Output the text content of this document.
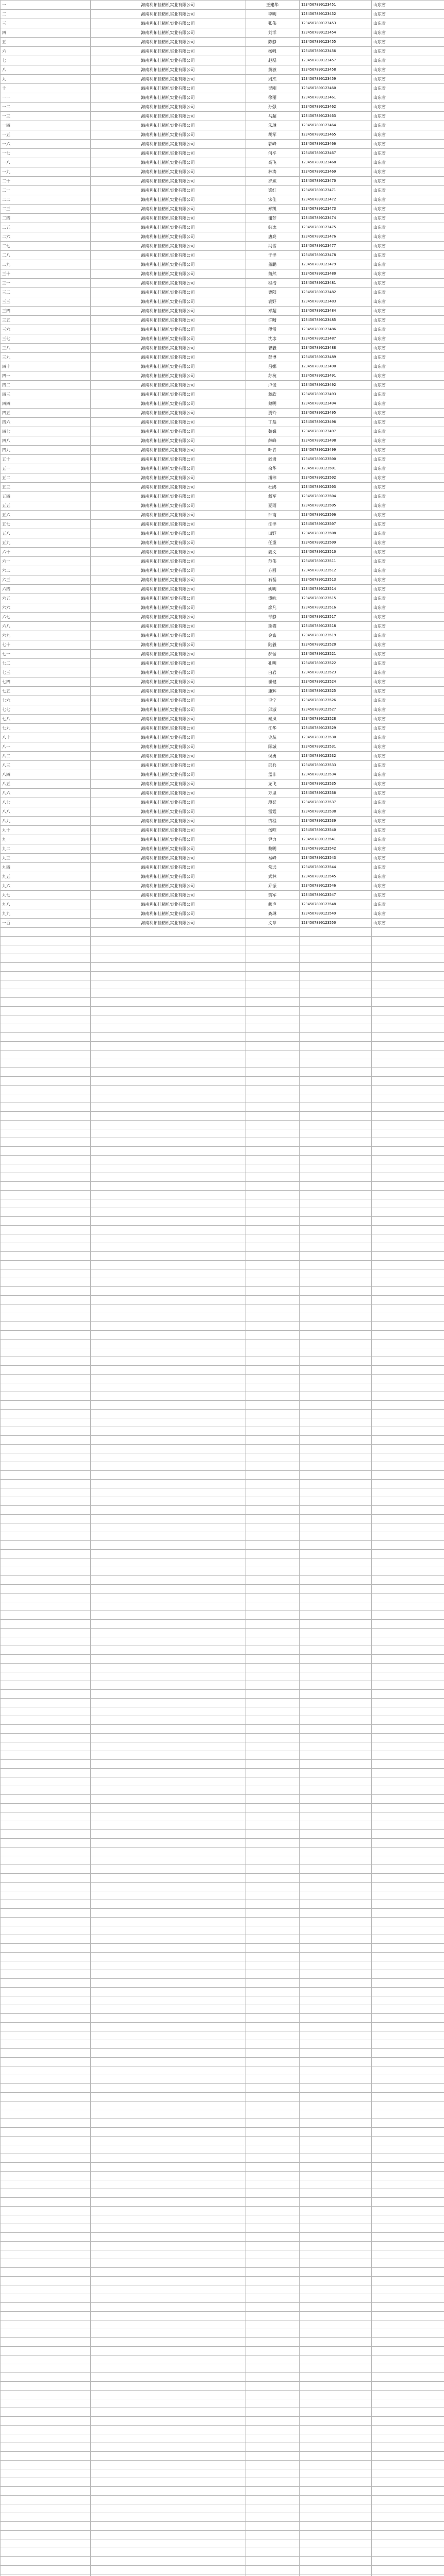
一	海南利拓佳精机实业有限公司	王建华	1234567890123451	山东省
二	海南利拓佳精机实业有限公司	李明	1234567890123452	山东省
三	海南利拓佳精机实业有限公司	张伟	1234567890123453	山东省
四	海南利拓佳精机实业有限公司	刘洋	1234567890123454	山东省
五	海南利拓佳精机实业有限公司	陈静	1234567890123455	山东省
六	海南利拓佳精机实业有限公司	杨帆	1234567890123456	山东省
七	海南利拓佳精机实业有限公司	赵磊	1234567890123457	山东省
八	海南利拓佳精机实业有限公司	黄敏	1234567890123458	山东省
九	海南利拓佳精机实业有限公司	周杰	1234567890123459	山东省
十	海南利拓佳精机实业有限公司	吴刚	1234567890123460	山东省
一一	海南利拓佳精机实业有限公司	徐丽	1234567890123461	山东省
一二	海南利拓佳精机实业有限公司	孙强	1234567890123462	山东省
一三	海南利拓佳精机实业有限公司	马超	1234567890123463	山东省
一四	海南利拓佳精机实业有限公司	朱琳	1234567890123464	山东省
一五	海南利拓佳精机实业有限公司	胡军	1234567890123465	山东省
一六	海南利拓佳精机实业有限公司	郭峰	1234567890123466	山东省
一七	海南利拓佳精机实业有限公司	何平	1234567890123467	山东省
一八	海南利拓佳精机实业有限公司	高飞	1234567890123468	山东省
一九	海南利拓佳精机实业有限公司	林涛	1234567890123469	山东省
二十	海南利拓佳精机实业有限公司	罗斌	1234567890123470	山东省
二一	海南利拓佳精机实业有限公司	梁红	1234567890123471	山东省
二二	海南利拓佳精机实业有限公司	宋佳	1234567890123472	山东省
二三	海南利拓佳精机实业有限公司	郑凯	1234567890123473	山东省
二四	海南利拓佳精机实业有限公司	谢芳	1234567890123474	山东省
二五	海南利拓佳精机实业有限公司	韩冰	1234567890123475	山东省
二六	海南利拓佳精机实业有限公司	唐亮	1234567890123476	山东省
二七	海南利拓佳精机实业有限公司	冯雪	1234567890123477	山东省
二八	海南利拓佳精机实业有限公司	于洋	1234567890123478	山东省
二九	海南利拓佳精机实业有限公司	董鹏	1234567890123479	山东省
三十	海南利拓佳精机实业有限公司	萧然	1234567890123480	山东省
三一	海南利拓佳精机实业有限公司	程浩	1234567890123481	山东省
三二	海南利拓佳精机实业有限公司	曹阳	1234567890123482	山东省
三三	海南利拓佳精机实业有限公司	袁野	1234567890123483	山东省
三四	海南利拓佳精机实业有限公司	邓超	1234567890123484	山东省
三五	海南利拓佳精机实业有限公司	许晴	1234567890123485	山东省
三六	海南利拓佳精机实业有限公司	傅雷	1234567890123486	山东省
三七	海南利拓佳精机实业有限公司	沈冰	1234567890123487	山东省
三八	海南利拓佳精机实业有限公司	曾毅	1234567890123488	山东省
三九	海南利拓佳精机实业有限公司	彭博	1234567890123489	山东省
四十	海南利拓佳精机实业有限公司	吕娜	1234567890123490	山东省
四一	海南利拓佳精机实业有限公司	苏杭	1234567890123491	山东省
四二	海南利拓佳精机实业有限公司	卢俊	1234567890123492	山东省
四三	海南利拓佳精机实业有限公司	蒋欣	1234567890123493	山东省
四四	海南利拓佳精机实业有限公司	蔡明	1234567890123494	山东省
四五	海南利拓佳精机实业有限公司	贾玲	1234567890123495	山东省
四六	海南利拓佳精机实业有限公司	丁磊	1234567890123496	山东省
四七	海南利拓佳精机实业有限公司	魏巍	1234567890123497	山东省
四八	海南利拓佳精机实业有限公司	薛峰	1234567890123498	山东省
四九	海南利拓佳精机实业有限公司	叶青	1234567890123499	山东省
五十	海南利拓佳精机实业有限公司	阎肃	1234567890123500	山东省
五一	海南利拓佳精机实业有限公司	余华	1234567890123501	山东省
五二	海南利拓佳精机实业有限公司	潘玮	1234567890123502	山东省
五三	海南利拓佳精机实业有限公司	杜鹃	1234567890123503	山东省
五四	海南利拓佳精机实业有限公司	戴军	1234567890123504	山东省
五五	海南利拓佳精机实业有限公司	夏雨	1234567890123505	山东省
五六	海南利拓佳精机实业有限公司	钟南	1234567890123506	山东省
五七	海南利拓佳精机实业有限公司	汪洋	1234567890123507	山东省
五八	海南利拓佳精机实业有限公司	田野	1234567890123508	山东省
五九	海南利拓佳精机实业有限公司	任重	1234567890123509	山东省
六十	海南利拓佳精机实业有限公司	姜文	1234567890123510	山东省
六一	海南利拓佳精机实业有限公司	范伟	1234567890123511	山东省
六二	海南利拓佳精机实业有限公司	方圆	1234567890123512	山东省
六三	海南利拓佳精机实业有限公司	石磊	1234567890123513	山东省
六四	海南利拓佳精机实业有限公司	姚明	1234567890123514	山东省
六五	海南利拓佳精机实业有限公司	谭咏	1234567890123515	山东省
六六	海南利拓佳精机实业有限公司	廖凡	1234567890123516	山东省
六七	海南利拓佳精机实业有限公司	邹静	1234567890123517	山东省
六八	海南利拓佳精机实业有限公司	熊猫	1234567890123518	山东省
六九	海南利拓佳精机实业有限公司	金鑫	1234567890123519	山东省
七十	海南利拓佳精机实业有限公司	陆毅	1234567890123520	山东省
七一	海南利拓佳精机实业有限公司	郝蕾	1234567890123521	山东省
七二	海南利拓佳精机实业有限公司	孔明	1234567890123522	山东省
七三	海南利拓佳精机实业有限公司	白岩	1234567890123523	山东省
七四	海南利拓佳精机实业有限公司	崔健	1234567890123524	山东省
七五	海南利拓佳精机实业有限公司	康辉	1234567890123525	山东省
七六	海南利拓佳精机实业有限公司	毛宁	1234567890123526	山东省
七七	海南利拓佳精机实业有限公司	邱淑	1234567890123527	山东省
七八	海南利拓佳精机实业有限公司	秦岚	1234567890123528	山东省
七九	海南利拓佳精机实业有限公司	江华	1234567890123529	山东省
八十	海南利拓佳精机实业有限公司	史航	1234567890123530	山东省
八一	海南利拓佳精机实业有限公司	顾城	1234567890123531	山东省
八二	海南利拓佳精机实业有限公司	侯勇	1234567890123532	山东省
八三	海南利拓佳精机实业有限公司	邵兵	1234567890123533	山东省
八四	海南利拓佳精机实业有限公司	孟非	1234567890123534	山东省
八五	海南利拓佳精机实业有限公司	龙飞	1234567890123535	山东省
八六	海南利拓佳精机实业有限公司	万里	1234567890123536	山东省
八七	海南利拓佳精机实业有限公司	段誉	1234567890123537	山东省
八八	海南利拓佳精机实业有限公司	雷霆	1234567890123538	山东省
八九	海南利拓佳精机实业有限公司	钱程	1234567890123539	山东省
九十	海南利拓佳精机实业有限公司	汤唯	1234567890123540	山东省
九一	海南利拓佳精机实业有限公司	尹力	1234567890123541	山东省
九二	海南利拓佳精机实业有限公司	黎明	1234567890123542	山东省
九三	海南利拓佳精机实业有限公司	易峰	1234567890123543	山东省
九四	海南利拓佳精机实业有限公司	常远	1234567890123544	山东省
九五	海南利拓佳精机实业有限公司	武林	1234567890123545	山东省
九六	海南利拓佳精机实业有限公司	乔振	1234567890123546	山东省
九七	海南利拓佳精机实业有限公司	贺军	1234567890123547	山东省
九八	海南利拓佳精机实业有限公司	赖声	1234567890123548	山东省
九九	海南利拓佳精机实业有限公司	龚琳	1234567890123549	山东省
一百	海南利拓佳精机实业有限公司	文章	1234567890123550	山东省
